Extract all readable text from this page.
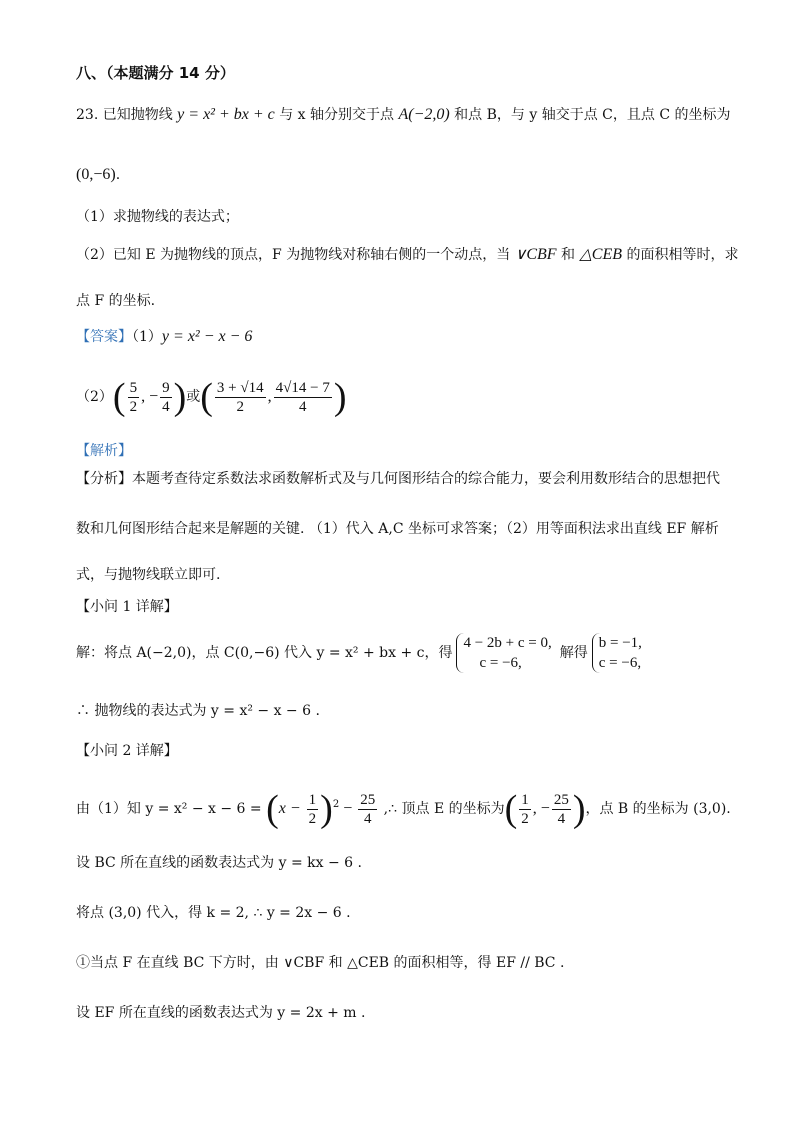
八、（本题满分 14 分）
23. 已知抛物线 y = x² + bx + c 与 x 轴分别交于点 A(−2,0) 和点 B，与 y 轴交于点 C，且点 C 的坐标为
(0,−6).
（1）求抛物线的表达式；
（2）已知 E 为抛物线的顶点，F 为抛物线对称轴右侧的一个动点，当 ∨CBF 和 △CEB 的面积相等时，求
点 F 的坐标.
【答案】（1）y = x² − x − 6
$(2)( \frac{5}{2}$ , − $\frac{9}{4}$ )或( $\frac{3 + √14}{2}$ , $\frac{4√14 - 7}{4}$ )
【解析】
【分析】本题考查待定系数法求函数解析式及与几何图形结合的综合能力，要会利用数形结合的思想把代
数和几何图形结合起来是解题的关键. （1）代入 A,C 坐标可求答案；（2）用等面积法求出直线 EF 解析
式，与抛物线联立即可.
【小问 1 详解】
解：将点 A(−2,0)，点 C(0,−6) 代入 y = x² + bx + c，得
4 − 2b + c = 0,
c = −6,
解得
b = −1,
c = −6,
∴ 抛物线的表达式为 y = x² − x − 6 .
【小问 2 详解】
由（1）知 $y = x^2 - x - 6 = (x - \frac{1}{2} )^2 - \frac{25}{4}$ ,∴ 顶点 E 的坐标为( $\frac{1}{2}$ , − $\frac{25}{4}$ )，点 B 的坐标为 (3,0).
设 BC 所在直线的函数表达式为 y = kx − 6 .
将点 (3,0) 代入，得 k = 2, ∴ y = 2x − 6 .
①当点 F 在直线 BC 下方时，由 ∨CBF 和 △CEB 的面积相等，得 EF // BC .
设 EF 所在直线的函数表达式为 y = 2x + m .
